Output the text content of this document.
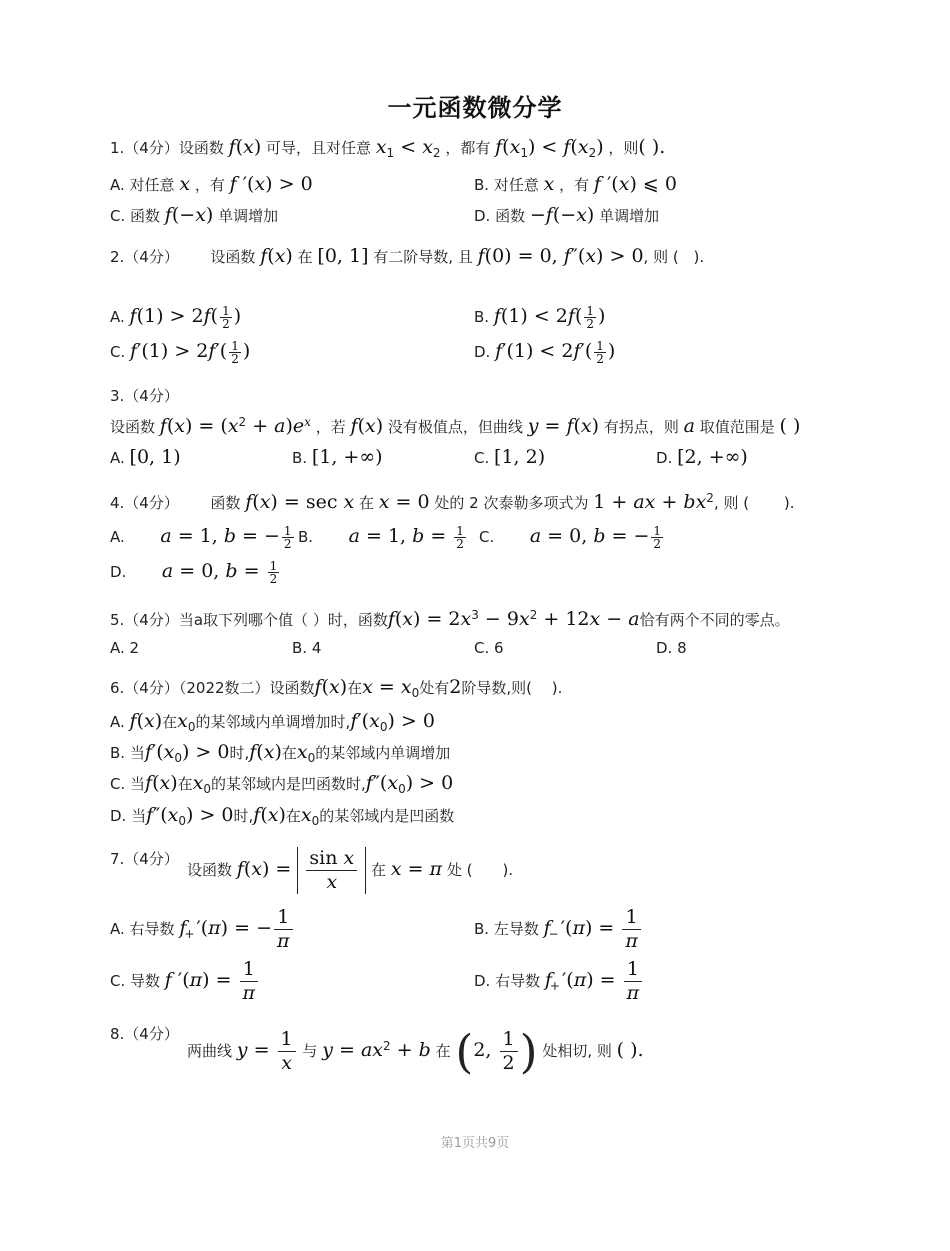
一元函数微分学
1.（4分）设函数 f(x) 可导，且对任意 $x_1 < x_2$ ，都有 $f(x_1) < f(x_2)$ ，则( ).
A. 对任意 x ，有 f ′(x) > 0	B. 对任意 x ，有 f ′(x) ⩽ 0
C. 函数 f(−x) 单调增加	D. 函数 −f(−x) 单调增加
2.（4分） 设函数 f(x) 在 [0, 1] 有二阶导数, 且 f(0) = 0, f″(x) > 0, 则 ( ).
A. $f(1) > 2f( \frac{1}{2}$ )	B. $f(1) < 2f( \frac{1}{2}$ )
C. $f'(1) > 2f'( \frac{1}{2}$ )	D. $f'(1) < 2f'( \frac{1}{2}$ )
3.（4分）
设函数 $f(x) = (x^2 + a)e^x$ ，若 f(x) 没有极值点，但曲线 y = f(x) 有拐点，则 a 取值范围是 ( )
A. [0, 1)	B. [1, +∞)	C. [1, 2)	D. [2, +∞)
4.（4分） 函数 f(x) = sec x 在 x = 0 处的 2 次泰勒多项式为 1 + ax + $bx^2$, 则 ( ).
A. a = 1, b = − $\frac{1}{2} B$. a = 1, $b = \frac{1}{2} C$. a = 0, b = − $\frac{1}{2}$
D. a = 0, $b = \frac{1}{2}$
5.（4分）当a取下列哪个值（ ）时，函数$f(x) = 2x^3 - 9x^2 + 12x - a$恰有两个不同的零点。
A. 2	B. 4	C. 6	D. 8
6.（4分）（2022数二）设函数f(x)在$x = x_0$处有2阶导数,则(　 ).
A. f(x)在$x_0$的某邻域内单调增加时$,f'(x_0) > 0$
B. 当$f'(x_0) > 0$时,f(x)在$x_0$的某邻域内单调增加
C. 当f(x)在$x_0$的某邻域内是凹函数时$,f''(x_0) > 0$
D. 当$f''(x_0) > 0$时,f(x)在$x_0$的某邻域内是凹函数
7.（4分）
设函数 $f(x) = \frac{\text{sin x}}{x}$ 在 x = π 处 ( ).
A. 右导数 $f_+$ ′(π) = − $\frac{1}{\pi}$	B. 左导数 $f_-$ $'(\pi) = \frac{1}{\pi}$
C. 导数 f $'(\pi) = \frac{1}{\pi}$	D. 右导数 $f_+$ $'(\pi) = \frac{1}{\pi}$
8.（4分）
两曲线 $y = \frac{1}{x}$ 与 $y = ax^2 + b$ 在 (2, $\frac{1}{2}$ ) 处相切, 则 ( ).
第1页共9页
